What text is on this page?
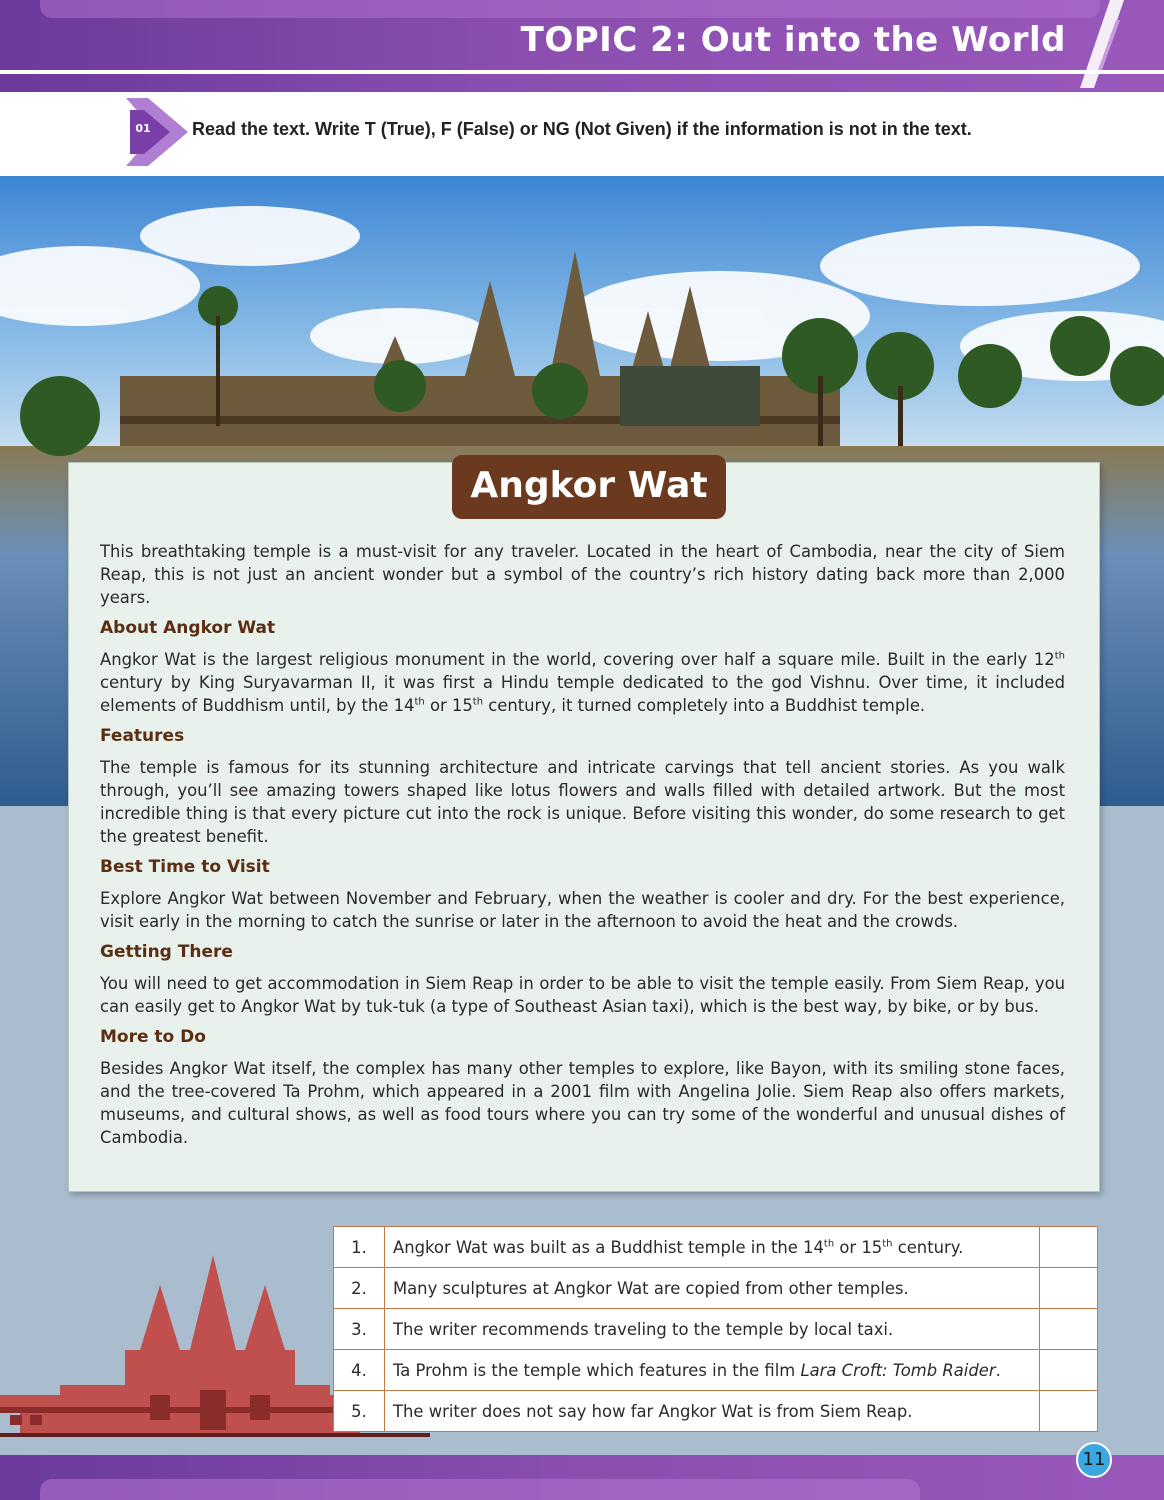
TOPIC 2: Out into the World
01 Read the text. Write T (True), F (False) or NG (Not Given) if the information is not in the text.
Angkor Wat

This breathtaking temple is a must-visit for any traveler. Located in the heart of Cambodia, near the city of Siem Reap, this is not just an ancient wonder but a symbol of the country’s rich history dating back more than 2,000 years.

About Angkor Wat

Angkor Wat is the largest religious monument in the world, covering over half a square mile. Built in the early 12th century by King Suryavarman II, it was first a Hindu temple dedicated to the god Vishnu. Over time, it included elements of Buddhism until, by the 14th or 15th century, it turned completely into a Buddhist temple.

Features

The temple is famous for its stunning architecture and intricate carvings that tell ancient stories. As you walk through, you’ll see amazing towers shaped like lotus flowers and walls filled with detailed artwork. But the most incredible thing is that every picture cut into the rock is unique. Before visiting this wonder, do some research to get the greatest benefit.

Best Time to Visit

Explore Angkor Wat between November and February, when the weather is cooler and dry. For the best experience, visit early in the morning to catch the sunrise or later in the afternoon to avoid the heat and the crowds.

Getting There

You will need to get accommodation in Siem Reap in order to be able to visit the temple easily. From Siem Reap, you can easily get to Angkor Wat by tuk-tuk (a type of Southeast Asian taxi), which is the best way, by bike, or by bus.

More to Do

Besides Angkor Wat itself, the complex has many other temples to explore, like Bayon, with its smiling stone faces, and the tree-covered Ta Prohm, which appeared in a 2001 film with Angelina Jolie. Siem Reap also offers markets, museums, and cultural shows, as well as food tours where you can try some of the wonderful and unusual dishes of Cambodia.

1.	Angkor Wat was built as a Buddhist temple in the 14th or 15th century.	
2.	Many sculptures at Angkor Wat are copied from other temples.	
3.	The writer recommends traveling to the temple by local taxi.	
4.	Ta Prohm is the temple which features in the film Lara Croft: Tomb Raider.	
5.	The writer does not say how far Angkor Wat is from Siem Reap.	
11
